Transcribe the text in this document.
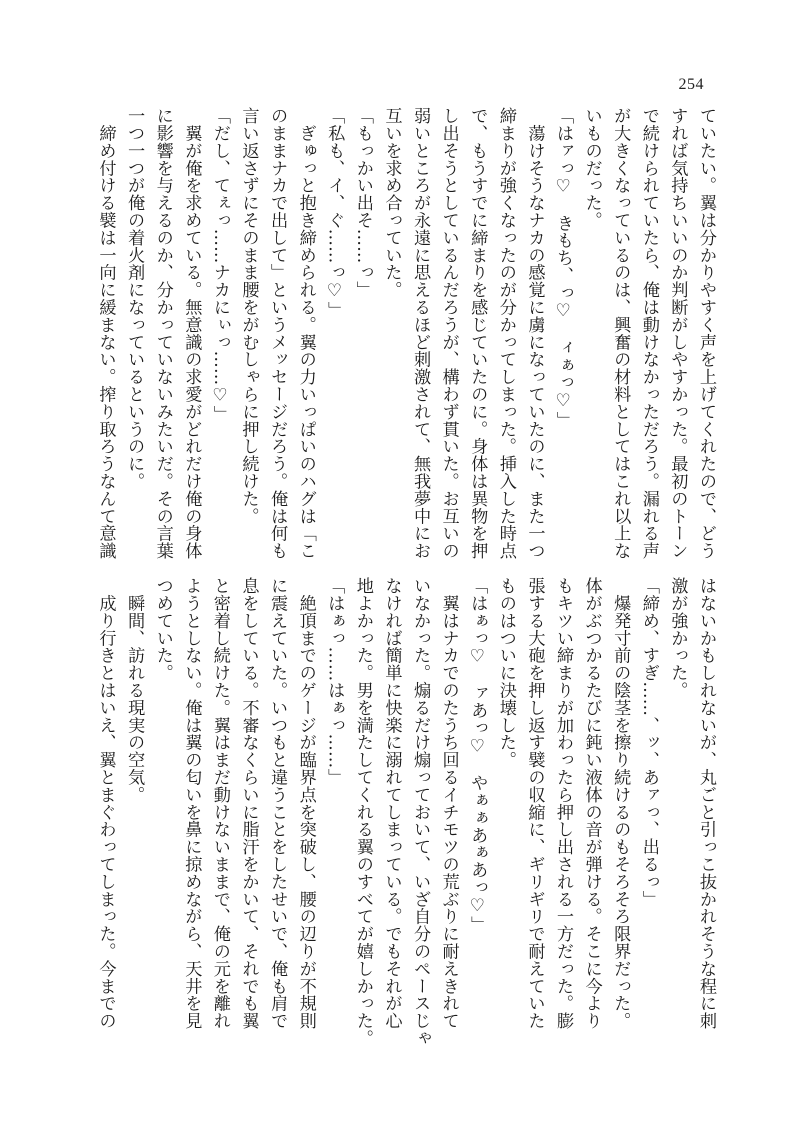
254
ていたい。翼は分かりやすく声を上げてくれたので、どう
すれば気持ちいいのか判断がしやすかった。最初のトーン
で続けられていたら、俺は動けなかっただろう。漏れる声
が大きくなっているのは、興奮の材料としてはこれ以上な
いものだった。
「はァっ♡　きもち、っ♡　ィぁっ♡」
　蕩けそうなナカの感覚に虜になっていたのに、また一つ
締まりが強くなったのが分かってしまった。挿入した時点
で、もうすでに締まりを感じていたのに。身体は異物を押
し出そうとしているんだろうが、構わず貫いた。お互いの
弱いところが永遠に思えるほど刺激されて、無我夢中にお
互いを求め合っていた。
「もっかい出そ……っ」
「私も、イ、ぐ……っ♡」
　ぎゅっと抱き締められる。翼の力いっぱいのハグは「こ
のままナカで出して」というメッセージだろう。俺は何も
言い返さずにそのまま腰をがむしゃらに押し続けた。
「だし、てぇっ……ナカにぃっ……♡」
　翼が俺を求めている。無意識の求愛がどれだけ俺の身体
に影響を与えるのか、分かっていないみたいだ。その言葉
一つ一つが俺の着火剤になっているというのに。
　締め付ける襞は一向に緩まない。搾り取ろうなんて意識
はないかもしれないが、丸ごと引っこ抜かれそうな程に刺
激が強かった。
「締め、すぎ……、ッ、あァっ、出るっ」
　爆発寸前の陰茎を擦り続けるのもそろそろ限界だった。
体がぶつかるたびに鈍い液体の音が弾ける。そこに今より
もキツい締まりが加わったら押し出される一方だった。膨
張する大砲を押し返す襞の収縮に、ギリギリで耐えていた
ものはついに決壊した。
「はぁっ♡　ァあっ♡　やぁぁあぁあっ♡」
　翼はナカでのたうち回るイチモツの荒ぶりに耐えきれて
いなかった。煽るだけ煽っておいて、いざ自分のペースじゃ
なければ簡単に快楽に溺れてしまっている。でもそれが心
地よかった。男を満たしてくれる翼のすべてが嬉しかった。
「はぁっ……はぁっ……」
　絶頂までのゲージが臨界点を突破し、腰の辺りが不規則
に震えていた。いつもと違うことをしたせいで、俺も肩で
息をしている。不審なくらいに脂汗をかいて、それでも翼
と密着し続けた。翼はまだ動けないままで、俺の元を離れ
ようとしない。俺は翼の匂いを鼻に掠めながら、天井を見
つめていた。
　瞬間、訪れる現実の空気。
　成り行きとはいえ、翼とまぐわってしまった。今までの
